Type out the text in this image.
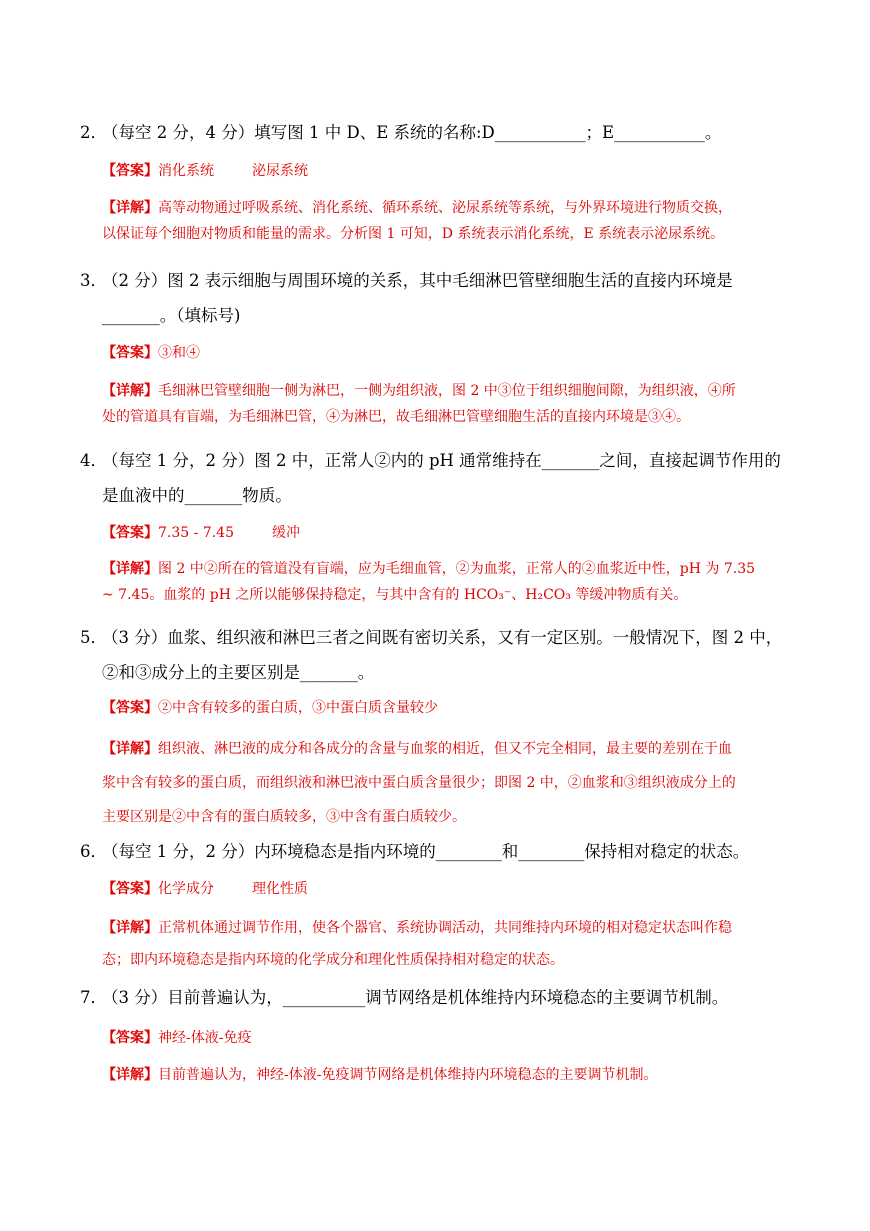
2．（每空 2 分，4 分）填写图 1 中 D、E 系统的名称:D___________；E___________。
【答案】消化系统	泌尿系统
【详解】高等动物通过呼吸系统、消化系统、循环系统、泌尿系统等系统，与外界环境进行物质交换，
以保证每个细胞对物质和能量的需求。分析图 1 可知，D 系统表示消化系统，E 系统表示泌尿系统。
3．（2 分）图 2 表示细胞与周围环境的关系，其中毛细淋巴管壁细胞生活的直接内环境是
_______。（填标号)
【答案】③和④
【详解】毛细淋巴管壁细胞一侧为淋巴，一侧为组织液，图 2 中③位于组织细胞间隙，为组织液，④所
处的管道具有盲端，为毛细淋巴管，④为淋巴，故毛细淋巴管壁细胞生活的直接内环境是③④。
4．（每空 1 分，2 分）图 2 中，正常人②内的 pH 通常维持在_______之间，直接起调节作用的
是血液中的_______物质。
【答案】7.35 - 7.45	缓冲
【详解】图 2 中②所在的管道没有盲端，应为毛细血管，②为血浆，正常人的②血浆近中性，pH 为 7.35
~ 7.45。血浆的 pH 之所以能够保持稳定，与其中含有的 HCO₃⁻、H₂CO₃ 等缓冲物质有关。
5．（3 分）血浆、组织液和淋巴三者之间既有密切关系，又有一定区别。一般情况下，图 2 中，
②和③成分上的主要区别是_______。
【答案】②中含有较多的蛋白质，③中蛋白质含量较少
【详解】组织液、淋巴液的成分和各成分的含量与血浆的相近，但又不完全相同，最主要的差别在于血
浆中含有较多的蛋白质，而组织液和淋巴液中蛋白质含量很少；即图 2 中，②血浆和③组织液成分上的
主要区别是②中含有的蛋白质较多，③中含有蛋白质较少。
6．（每空 1 分，2 分）内环境稳态是指内环境的________和________保持相对稳定的状态。
【答案】化学成分	理化性质
【详解】正常机体通过调节作用，使各个器官、系统协调活动，共同维持内环境的相对稳定状态叫作稳
态；即内环境稳态是指内环境的化学成分和理化性质保持相对稳定的状态。
7．（3 分）目前普遍认为，__________调节网络是机体维持内环境稳态的主要调节机制。
【答案】神经-体液-免疫
【详解】目前普遍认为，神经-体液-免疫调节网络是机体维持内环境稳态的主要调节机制。
